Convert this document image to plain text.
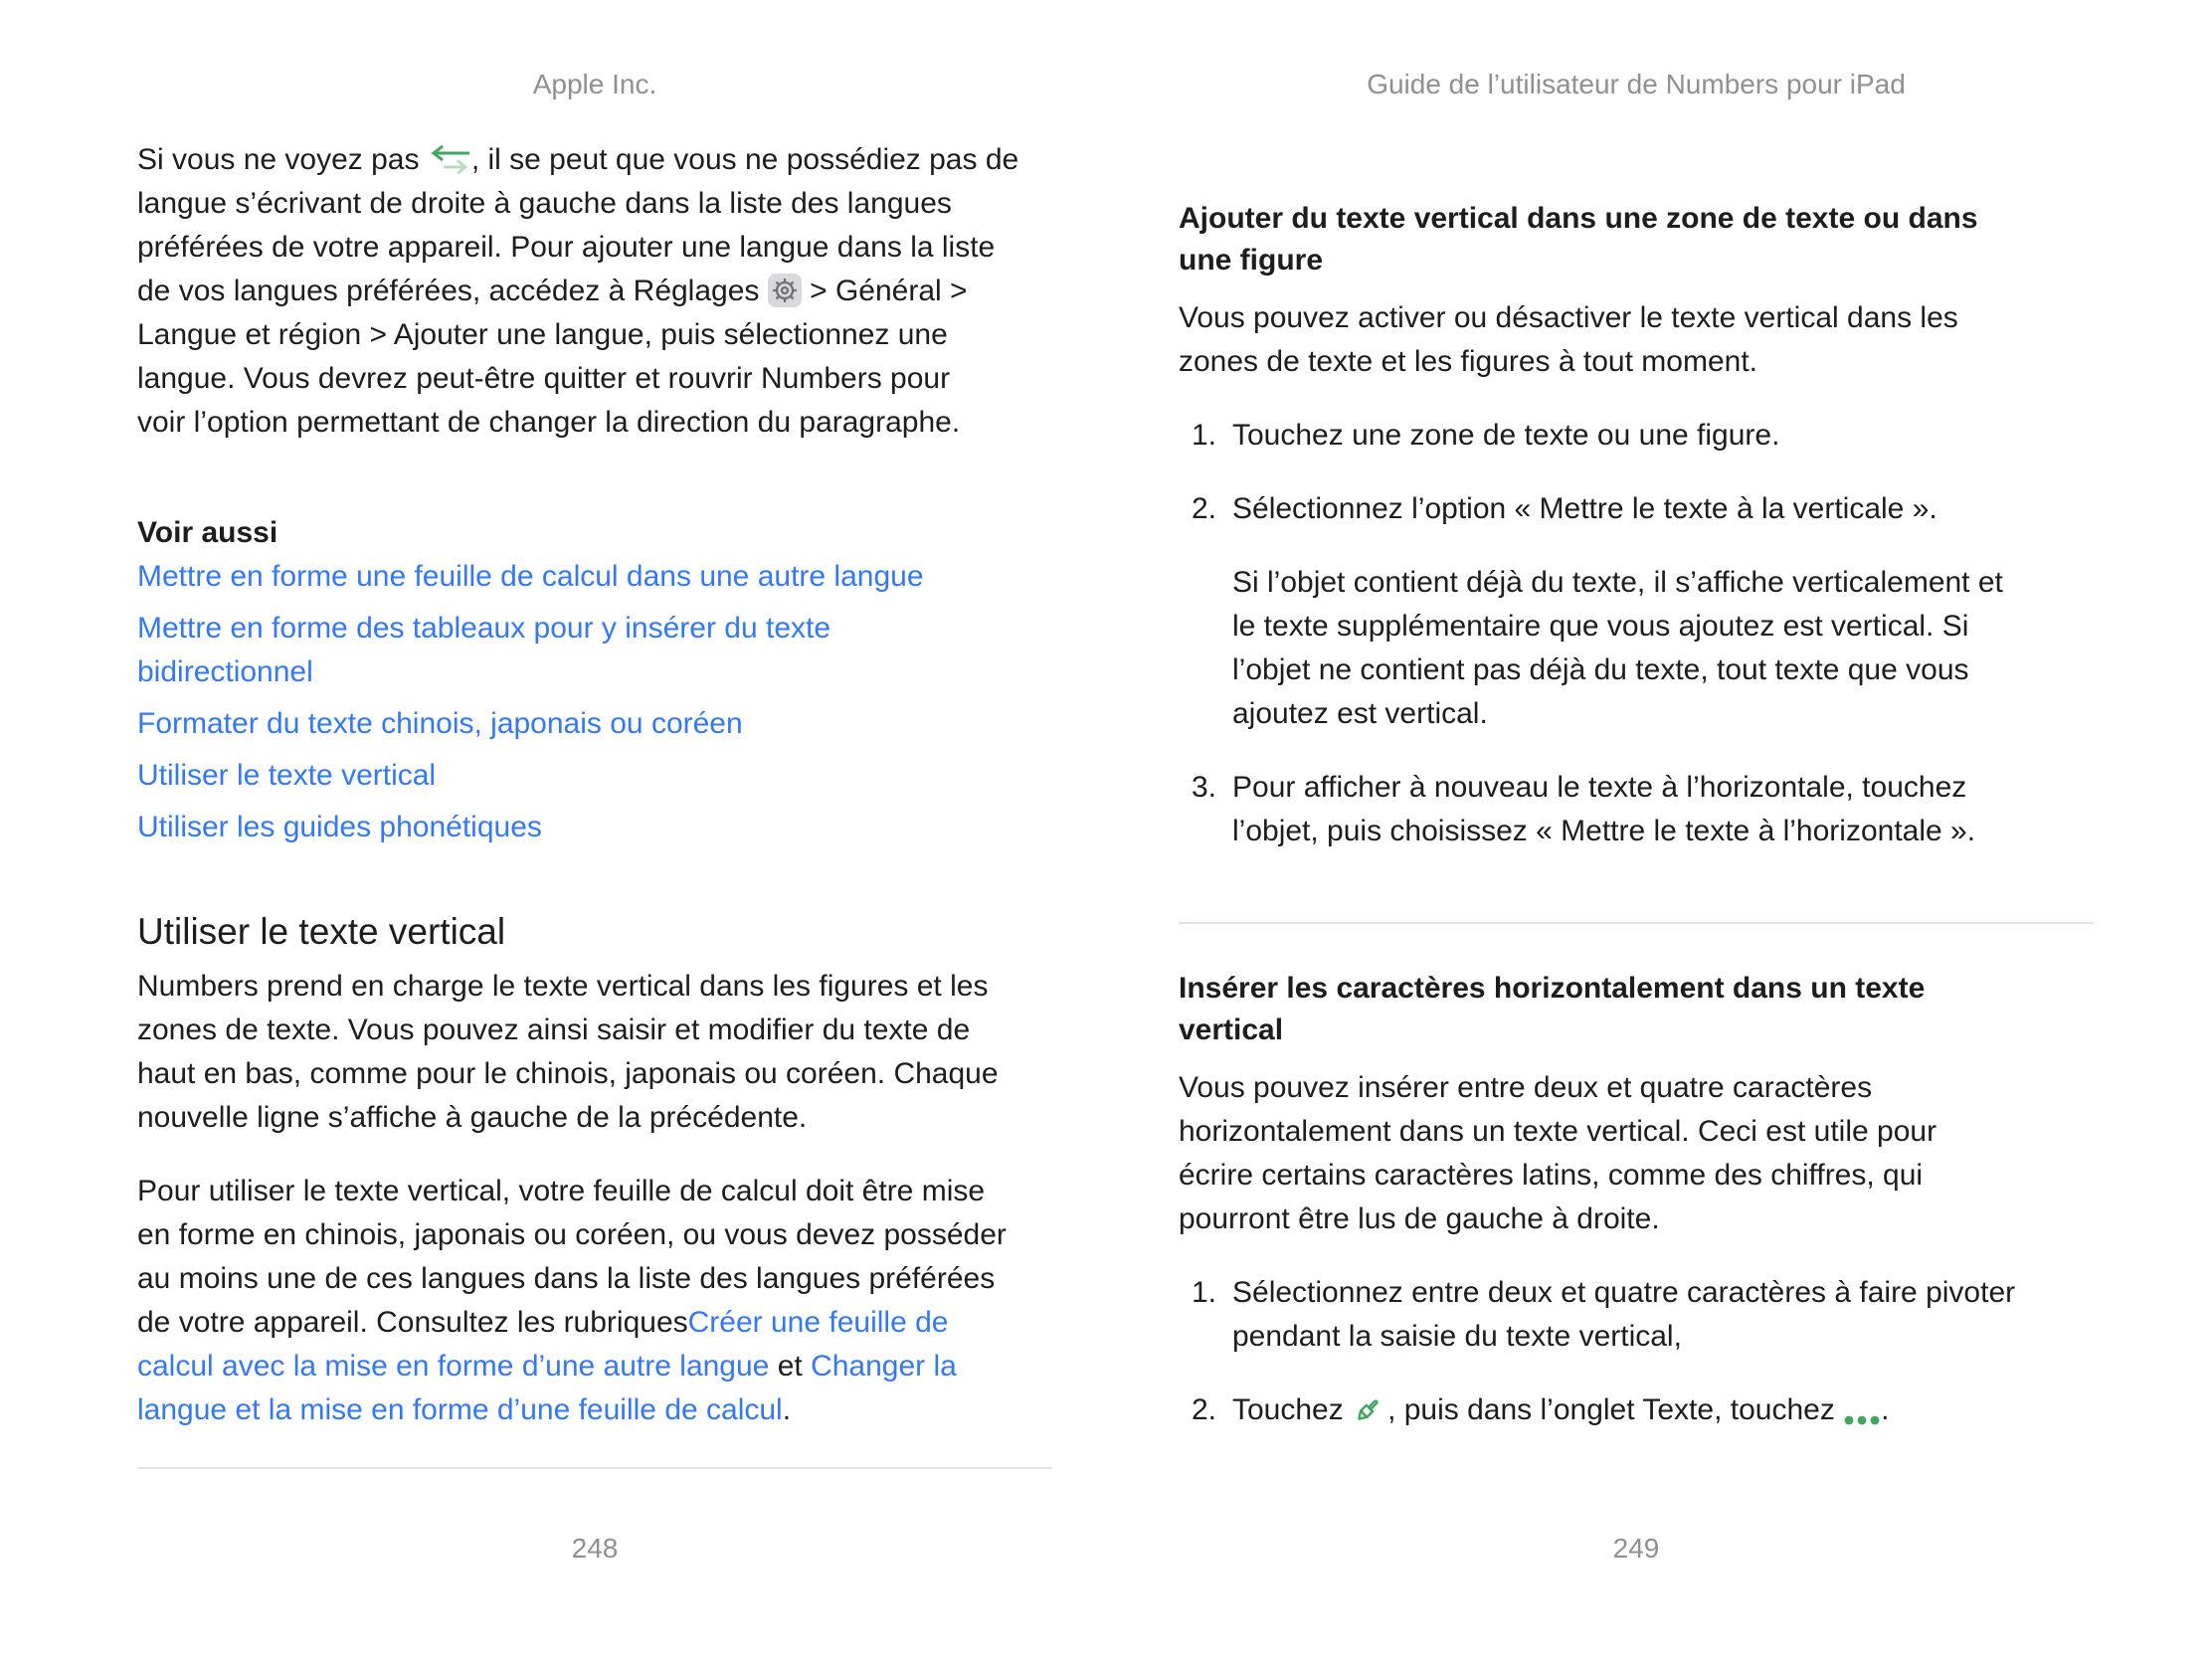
Apple Inc.
Si vous ne voyez pas , il se peut que vous ne possédiez pas de
langue s’écrivant de droite à gauche dans la liste des langues
préférées de votre appareil. Pour ajouter une langue dans la liste
de vos langues préférées, accédez à Réglages  > Général >
Langue et région > Ajouter une langue, puis sélectionnez une
langue. Vous devrez peut-être quitter et rouvrir Numbers pour
voir l’option permettant de changer la direction du paragraphe.
Voir aussi
Mettre en forme une feuille de calcul dans une autre langue
Mettre en forme des tableaux pour y insérer du texte
bidirectionnel
Formater du texte chinois, japonais ou coréen
Utiliser le texte vertical
Utiliser les guides phonétiques
Utiliser le texte vertical
Numbers prend en charge le texte vertical dans les figures et les
zones de texte. Vous pouvez ainsi saisir et modifier du texte de
haut en bas, comme pour le chinois, japonais ou coréen. Chaque
nouvelle ligne s’affiche à gauche de la précédente.
Pour utiliser le texte vertical, votre feuille de calcul doit être mise
en forme en chinois, japonais ou coréen, ou vous devez posséder
au moins une de ces langues dans la liste des langues préférées
de votre appareil. Consultez les rubriquesCréer une feuille de
calcul avec la mise en forme d’une autre langue et Changer la
langue et la mise en forme d’une feuille de calcul.
248
Guide de l’utilisateur de Numbers pour iPad
Ajouter du texte vertical dans une zone de texte ou dans
une figure
Vous pouvez activer ou désactiver le texte vertical dans les
zones de texte et les figures à tout moment.
1. Touchez une zone de texte ou une figure.
2. Sélectionnez l’option « Mettre le texte à la verticale ».
Si l’objet contient déjà du texte, il s’affiche verticalement et
le texte supplémentaire que vous ajoutez est vertical. Si
l’objet ne contient pas déjà du texte, tout texte que vous
ajoutez est vertical.
3. Pour afficher à nouveau le texte à l’horizontale, touchez
l’objet, puis choisissez « Mettre le texte à l’horizontale ».
Insérer les caractères horizontalement dans un texte
vertical
Vous pouvez insérer entre deux et quatre caractères
horizontalement dans un texte vertical. Ceci est utile pour
écrire certains caractères latins, comme des chiffres, qui
pourront être lus de gauche à droite.
1. Sélectionnez entre deux et quatre caractères à faire pivoter
pendant la saisie du texte vertical,
2. Touchez , puis dans l’onglet Texte, touchez .
249
